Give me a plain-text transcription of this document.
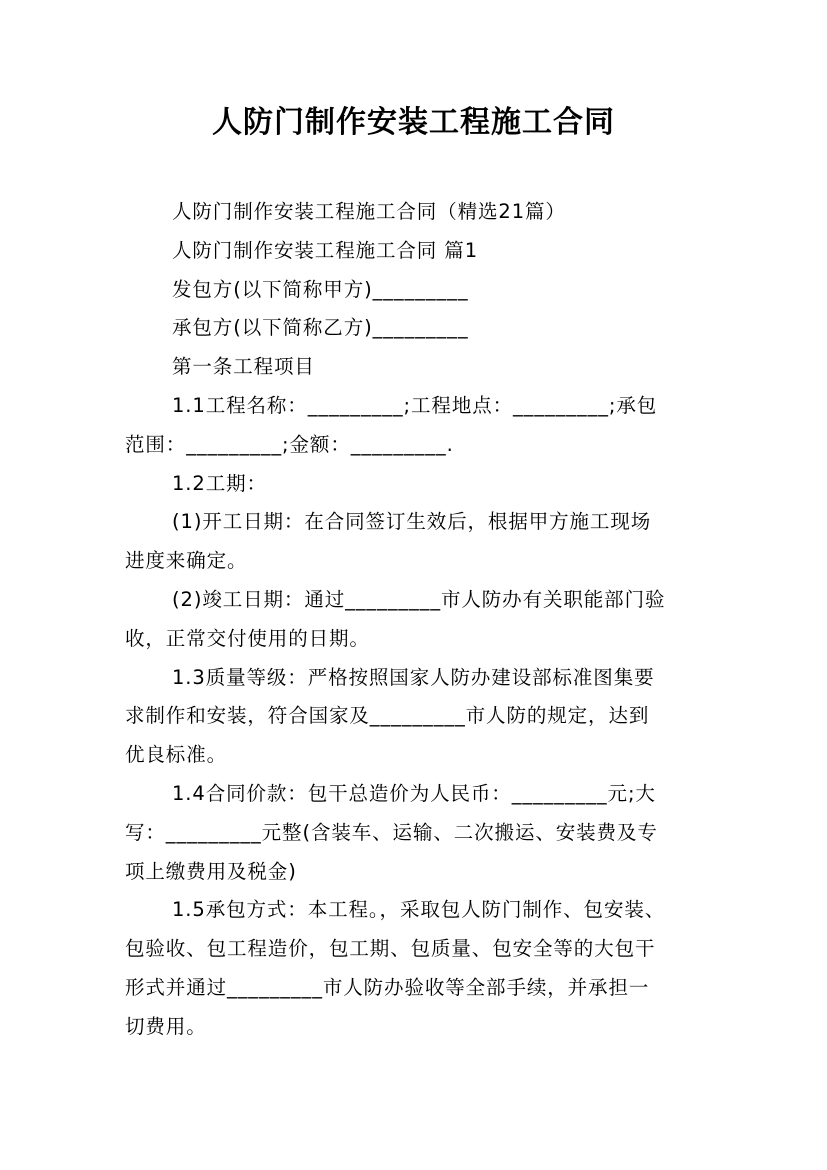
人防门制作安装工程施工合同
人防门制作安装工程施工合同（精选21篇）
人防门制作安装工程施工合同 篇1
发包方(以下简称甲方)_________
承包方(以下简称乙方)_________
第一条工程项目
1.1工程名称：_________;工程地点：_________;承包
范围：_________;金额：_________.
1.2工期：
(1)开工日期：在合同签订生效后，根据甲方施工现场
进度来确定。
(2)竣工日期：通过_________市人防办有关职能部门验
收，正常交付使用的日期。
1.3质量等级：严格按照国家人防办建设部标准图集要
求制作和安装，符合国家及_________市人防的规定，达到
优良标准。
1.4合同价款：包干总造价为人民币：_________元;大
写：_________元整(含装车、运输、二次搬运、安装费及专
项上缴费用及税金)
1.5承包方式：本工程。，采取包人防门制作、包安装、
包验收、包工程造价，包工期、包质量、包安全等的大包干
形式并通过_________市人防办验收等全部手续，并承担一
切费用。
